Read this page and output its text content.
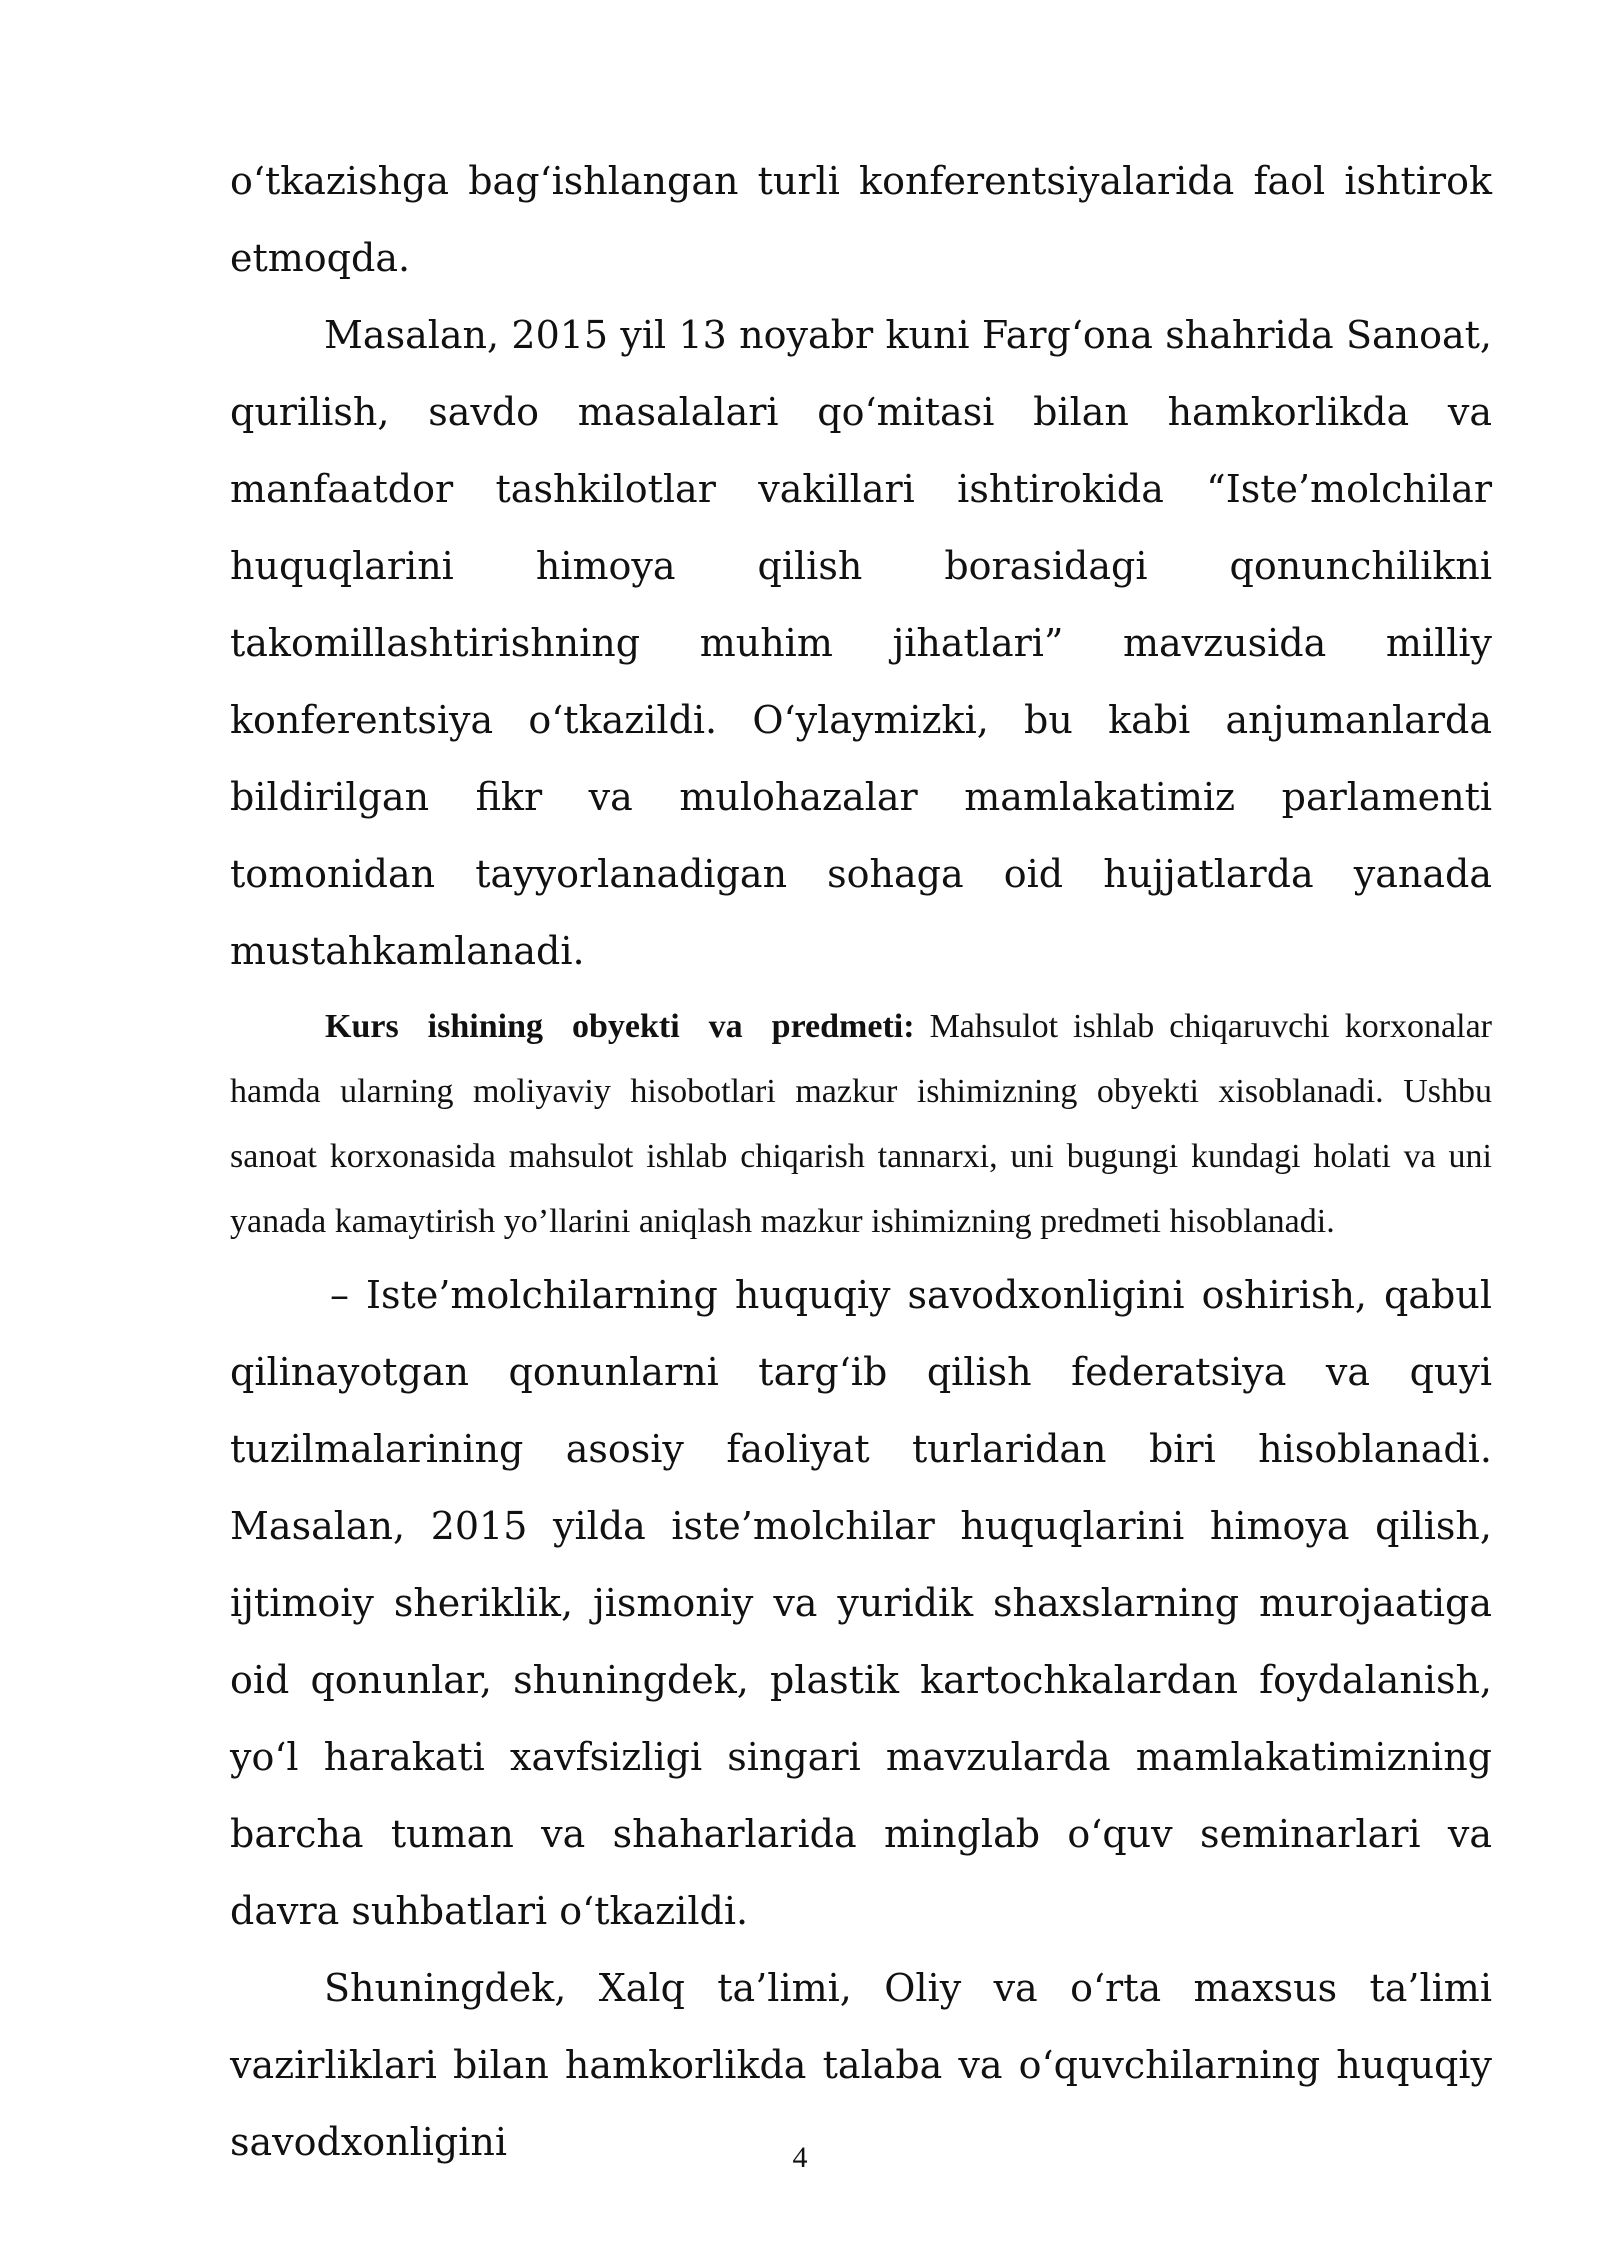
o‘tkazishga bag‘ishlangan turli konferentsiyalarida faol ishtirok etmoqda.

Masalan, 2015 yil 13 noyabr kuni Farg‘ona shahrida Sanoat, qurilish, savdo masalalari qo‘mitasi bilan hamkorlikda va manfaatdor tashkilotlar vakillari ishtirokida “Iste’molchilar huquqlarini himoya qilish borasidagi qonunchilikni takomillashtirishning muhim jihatlari” mavzusida milliy konferentsiya o‘tkazildi. O‘ylaymizki, bu kabi anjumanlarda bildirilgan fikr va mulohazalar mamlakatimiz parlamenti tomonidan tayyorlanadigan sohaga oid hujjatlarda yanada mustahkamlanadi.

Kurs ishining obyekti va predmeti: Mahsulot ishlab chiqaruvchi korxonalar hamda ularning moliyaviy hisobotlari mazkur ishimizning obyekti xisoblanadi. Ushbu sanoat korxonasida mahsulot ishlab chiqarish tannarxi, uni bugungi kundagi holati va uni yanada kamaytirish yo’llarini aniqlash mazkur ishimizning predmeti hisoblanadi.

– Iste’molchilarning huquqiy savodxonligini oshirish, qabul qilinayotgan qonunlarni targ‘ib qilish federatsiya va quyi tuzilmalarining asosiy faoliyat turlaridan biri hisoblanadi. Masalan, 2015 yilda iste’molchilar huquqlarini himoya qilish, ijtimoiy sheriklik, jismoniy va yuridik shaxslarning murojaatiga oid qonunlar, shuningdek, plastik kartochkalardan foydalanish, yo‘l harakati xavfsizligi singari mavzularda mamlakatimizning barcha tuman va shaharlarida minglab o‘quv seminarlari va davra suhbatlari o‘tkazildi.

Shuningdek, Xalq ta’limi, Oliy va o‘rta maxsus ta’limi vazirliklari bilan hamkorlikda talaba va o‘quvchilarning huquqiy savodxonligini	4
